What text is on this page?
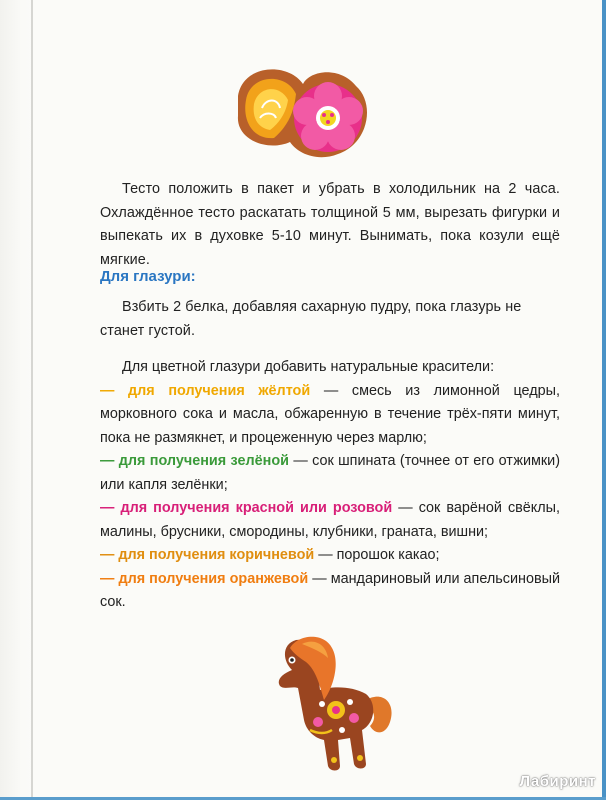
Тесто положить в пакет и убрать в холодильник на 2 часа. Охлаждённое тесто раскатать толщиной 5 мм, вырезать фигурки и выпекать их в духовке 5-10 минут. Вынимать, пока козули ещё мягкие.
Для глазури:
Взбить 2 белка, добавляя сахарную пудру, пока глазурь не станет густой.
Для цветной глазури добавить натуральные красители:
— для получения жёлтой — смесь из лимонной цедры, морковного сока и масла, обжаренную в течение трёх-пяти минут, пока не размякнет, и процеженную через марлю;
— для получения зелёной — сок шпината (точнее от его отжимки) или капля зелёнки;
— для получения красной или розовой — сок варёной свёклы, малины, брусники, смородины, клубники, граната, вишни;
— для получения коричневой — порошок какао;
— для получения оранжевой — мандариновый или апельсиновый сок.
Лабиринт
